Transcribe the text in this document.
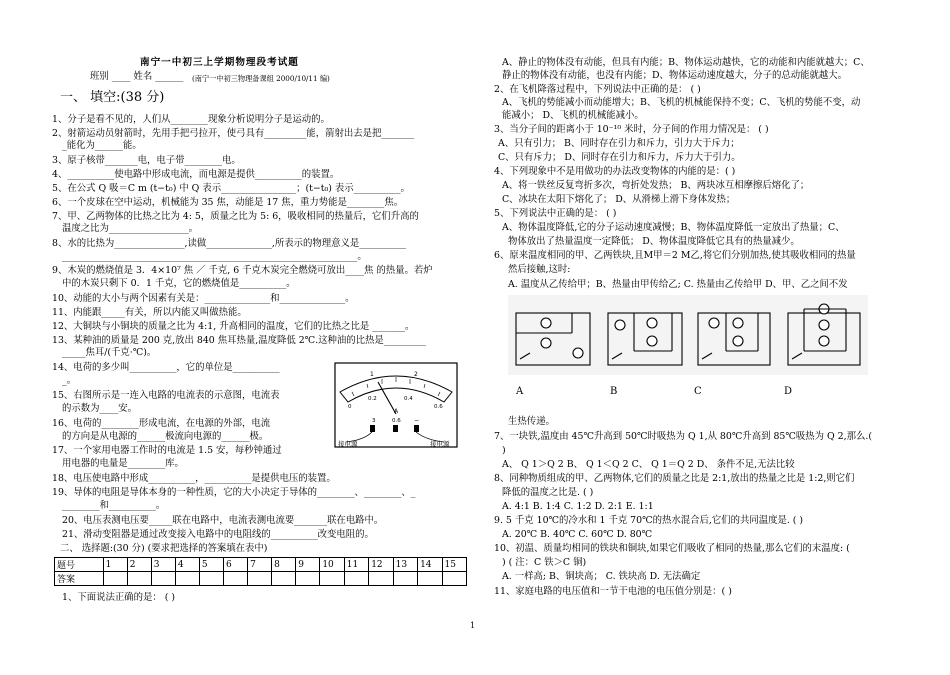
南宁一中初三上学期物理段考试题
班别 ____ 姓名 ______ (南宁一中初三物理备课组 2000/10/11 编)
一、 填空:(38 分)
1、分子是看不见的，人们从________现象分析说明分子是运动的。
2、射箭运动员射箭时，先用手把弓拉开，使弓具有_________能，箭射出去是把_______
_能化为______能。
3、原子核带_______电，电子带________电。
4、__________使电路中形成电流，而电源是提供__________的装置。
5、在公式 Q 吸＝C m (t−t₀) 中 Q 表示________________；(t−t₀) 表示__________。
6、一个皮球在空中运动，机械能为 35 焦，动能是 17 焦，重力势能是________焦。
7、甲、乙两物体的比热之比为 4: 5，质量之比为 5: 6，吸收相同的热量后，它们升高的
温度之比为_________________。
8、水的比热为_______________,读做______________,所表示的物理意义是__________
_______________________________________________________________。
9、木炭的燃烧值是 3．4×10⁷ 焦 ／ 千克, 6 千克木炭完全燃烧可放出____焦 的热量。若炉
中的木炭只剩下 0．1 千克，它的燃烧值是__________。
10、动能的大小与两个因素有关是：______________和______________。
11、内能跟_____有关，所以内能又叫做热能。
12、大铜块与小铜块的质量之比为 4:1, 升高相同的温度，它们的比热之比是 _______。
13、某种油的质量是 200 克,放出 840 焦耳热量,温度降低 2℃.这种油的比热是_________
_____焦耳/(千克·℃)。
14、电荷的多少叫__________，它的单位是__________
_。
15、右图所示是一连入电路的电流表的示意图，电流表
的示数为____安。
16、电荷的________形成电流，在电源的外部，电流
的方向是从电源的______极流向电源的______极。
17、一个家用电器工作时的电流是 1.5 安，每秒钟通过
用电器的电量是________库。
18、电压使电路中形成__________，__________是提供电压的装置。
19、导体的电阻是导体本身的一种性质，它的大小决定于导体的________、________、_
________和__________。
20、电压表测电压要_____联在电路中，电流表测电流要_______联在电路中。
21、滑动变阻器是通过改变接入电路中的电阻线的__________改变电阻的。
二、 选择题:(30 分) (要求把选择的答案填在表中)
题号	1	2	3	4	5	6	7	8	9	10	11	12	13	14	15
答案															
1、下面说法正确的是： ( )
1	2
0
0.2	0.4
0.6
A
3	0.6 −
接电源	接电源
A、静止的物体没有动能，但具有内能；B、物体运动越快，它的动能和内能就越大；C、
静止的物体没有动能，也没有内能；D、物体运动速度越大，分子的总动能就越大。
2、在飞机降落过程中，下列说法中正确的是： ( )
A、飞机的势能减小而动能增大；B、飞机的机械能保持不变；C、飞机的势能不变，动
能减小； D、飞机的机械能减小。
3、当分子间的距离小于 10⁻¹⁰ 米时，分子间的作用力情况是： ( )
A、只有引力； B、同时存在引力和斥力，引力大于斥力；
C、只有斥力； D、同时存在引力和斥力，斥力大于引力。
4、下列现象中不是用做功的办法改变物体的内能的是：( )
A、将一铁丝反复弯折多次，弯折处发热； B、两块冰互相摩擦后熔化了；
C、冰块在太阳下熔化了； D、从滑梯上滑下身体发热；
5、下列说法中正确的是： ( )
A、物体温度降低,它的分子运动速度减慢；B、物体温度降低一定放出了热量；C、
物体放出了热量温度一定降低； D、物体温度降低它具有的热量减少。
6、原来温度相同的甲、乙两铁块,且M甲＝2 M乙,将它们分别加热,使其吸收相同的热量
然后接触,这时:
A. 温度从乙传给甲；B、热量由甲传给乙; C. 热量由乙传给甲 D、甲、乙之间不发
A	B	C	D
生热传递。
7、一块铁,温度由 45℃升高到 50℃时吸热为 Q 1,从 80℃升高到 85℃吸热为 Q 2,那么.(
)
A、 Q 1＞Q 2 B、 Q 1＜Q 2 C、 Q 1＝Q 2 D、 条件不足,无法比较
8、同种物质组成的甲、乙两物体,它们的质量之比是 2:1,放出的热量之比是 1:2,则它们
降低的温度之比是. ( )
A. 4:1 B. 1:4 C. 1:2 D. 2:1 E. 1:1
9. 5 千克 10℃的冷水和 1 千克 70℃的热水混合后,它们的共同温度是. ( )
A. 20℃ B. 40℃ C. 60℃ D. 80℃
10、初温、质量均相同的铁块和铜块,如果它们吸收了相同的热量,那么它们的末温度: (
) ( 注：C 铁＞C 铜)
A. 一样高; B、铜块高； C. 铁块高 D. 无法确定
11、家庭电路的电压值和一节干电池的电压值分别是：( )
1
